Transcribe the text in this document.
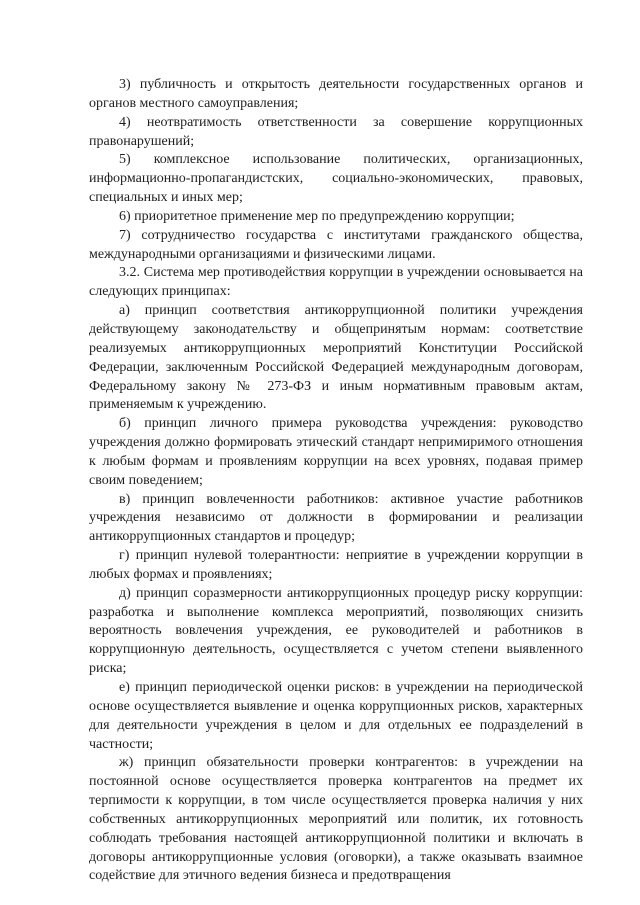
3) публичность и открытость деятельности государственных органов и органов местного самоуправления;

4) неотвратимость ответственности за совершение коррупционных правонарушений;

5) комплексное использование политических, организационных, информационно-пропагандистских, социально-экономических, правовых, специальных и иных мер;

6) приоритетное применение мер по предупреждению коррупции;

7) сотрудничество государства с институтами гражданского общества, международными организациями и физическими лицами.

3.2. Система мер противодействия коррупции в учреждении основывается на следующих принципах:

а) принцип соответствия антикоррупционной политики учреждения действующему законодательству и общепринятым нормам: соответствие реализуемых антикоррупционных мероприятий Конституции Российской Федерации, заключенным Российской Федерацией международным договорам, Федеральному закону № 273-ФЗ и иным нормативным правовым актам, применяемым к учреждению.

б) принцип личного примера руководства учреждения: руководство учреждения должно формировать этический стандарт непримиримого отношения к любым формам и проявлениям коррупции на всех уровнях, подавая пример своим поведением;

в) принцип вовлеченности работников: активное участие работников учреждения независимо от должности в формировании и реализации антикоррупционных стандартов и процедур;

г) принцип нулевой толерантности: неприятие в учреждении коррупции в любых формах и проявлениях;

д) принцип соразмерности антикоррупционных процедур риску коррупции: разработка и выполнение комплекса мероприятий, позволяющих снизить вероятность вовлечения учреждения, ее руководителей и работников в коррупционную деятельность, осуществляется с учетом степени выявленного риска;

е) принцип периодической оценки рисков: в учреждении на периодической основе осуществляется выявление и оценка коррупционных рисков, характерных для деятельности учреждения в целом и для отдельных ее подразделений в частности;

ж) принцип обязательности проверки контрагентов: в учреждении на постоянной основе осуществляется проверка контрагентов на предмет их терпимости к коррупции, в том числе осуществляется проверка наличия у них собственных антикоррупционных мероприятий или политик, их готовность соблюдать требования настоящей антикоррупционной политики и включать в договоры антикоррупционные условия (оговорки), а также оказывать взаимное содействие для этичного ведения бизнеса и предотвращения
